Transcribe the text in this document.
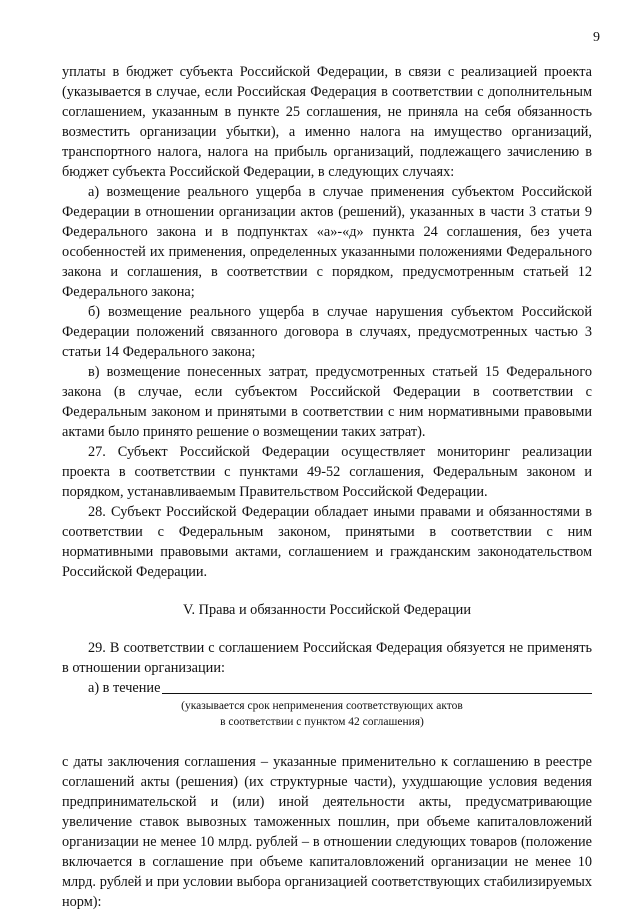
9

уплаты в бюджет субъекта Российской Федерации, в связи с реализацией проекта (указывается в случае, если Российская Федерация в соответствии с дополнительным соглашением, указанным в пункте 25 соглашения, не приняла на себя обязанность возместить организации убытки), а именно налога на имущество организаций, транспортного налога, налога на прибыль организаций, подлежащего зачислению в бюджет субъекта Российской Федерации, в следующих случаях:

а) возмещение реального ущерба в случае применения субъектом Российской Федерации в отношении организации актов (решений), указанных в части 3 статьи 9 Федерального закона и в подпунктах «а»-«д» пункта 24 соглашения, без учета особенностей их применения, определенных указанными положениями Федерального закона и соглашения, в соответствии с порядком, предусмотренным статьей 12 Федерального закона;

б) возмещение реального ущерба в случае нарушения субъектом Российской Федерации положений связанного договора в случаях, предусмотренных частью 3 статьи 14 Федерального закона;

в) возмещение понесенных затрат, предусмотренных статьей 15 Федерального закона (в случае, если субъектом Российской Федерации в соответствии с Федеральным законом и принятыми в соответствии с ним нормативными правовыми актами было принято решение о возмещении таких затрат).

27. Субъект Российской Федерации осуществляет мониторинг реализации проекта в соответствии с пунктами 49-52 соглашения, Федеральным законом и порядком, устанавливаемым Правительством Российской Федерации.

28. Субъект Российской Федерации обладает иными правами и обязанностями в соответствии с Федеральным законом, принятыми в соответствии с ним нормативными правовыми актами, соглашением и гражданским законодательством Российской Федерации.

V. Права и обязанности Российской Федерации

29. В соответствии с соглашением Российская Федерация обязуется не применять в отношении организации:

а) в течение

(указывается срок неприменения соответствующих актов

в соответствии с пунктом 42 соглашения)

с даты заключения соглашения – указанные применительно к соглашению в реестре соглашений акты (решения) (их структурные части), ухудшающие условия ведения предпринимательской и (или) иной деятельности акты, предусматривающие увеличение ставок вывозных таможенных пошлин, при объеме капиталовложений организации не менее 10 млрд. рублей – в отношении следующих товаров (положение включается в соглашение при объеме капиталовложений организации не менее 10 млрд. рублей и при условии выбора организацией соответствующих стабилизируемых норм):
